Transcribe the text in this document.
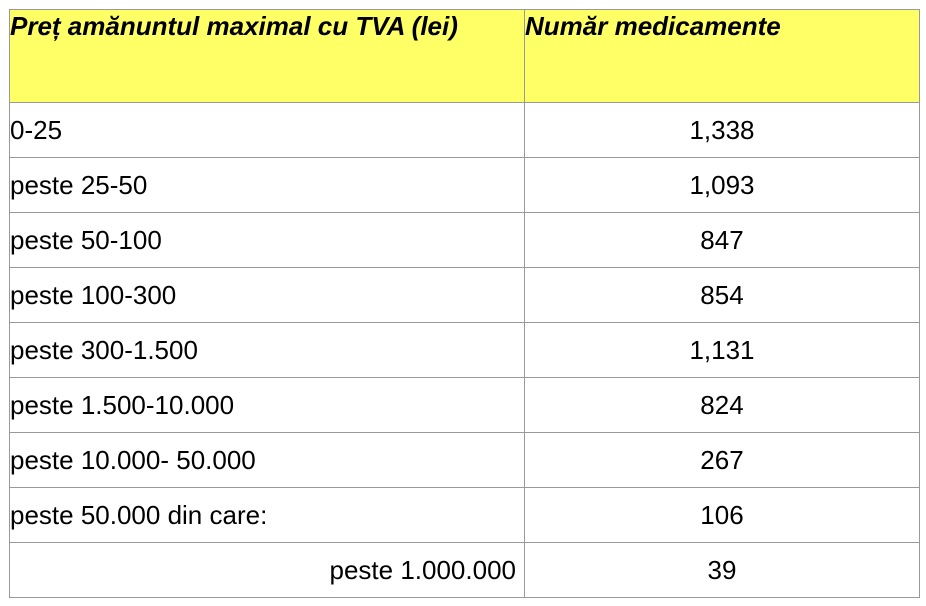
Preț amănuntul maximal cu TVA (lei)	Număr medicamente
0-25	1,338
peste 25-50	1,093
peste 50-100	847
peste 100-300	854
peste 300-1.500	1,131
peste 1.500-10.000	824
peste 10.000- 50.000	267
peste 50.000 din care:	106
peste 1.000.000	39
